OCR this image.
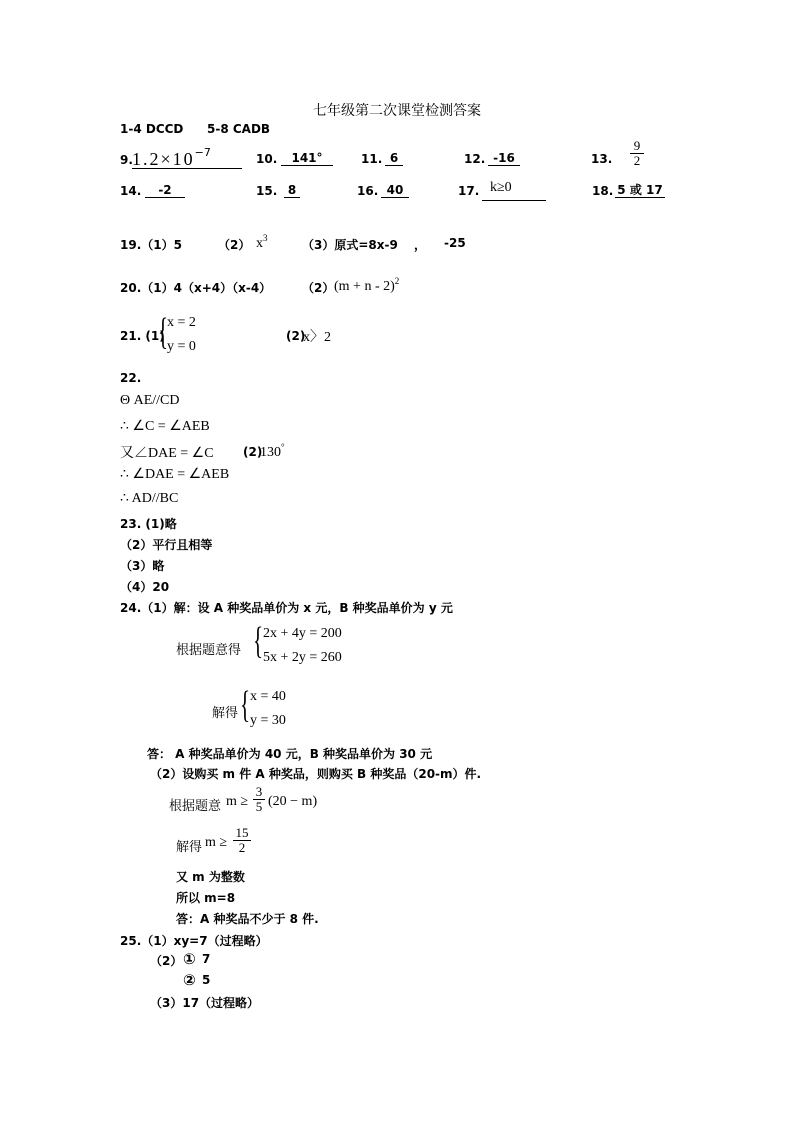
七年级第二次课堂检测答案
1-4 DCCD 5-8 CADB
9. $1.2\times 10^{-7}$	10.	141°	11. 6	12. -16	13. $\frac{9}{2}$
14.	-2	15. 8	16. 40	17. k≥0	18. 5 或 17
19.（1）5	（2） $x^3$	（3）原式=8x-9 　， -25
20.（1）4（x+4）（x-4）	（2） $(m + n - 2)^2$
21. (1)
{
x = 2
y = 0
(2)
x〉2
22.
Θ AE//CD
∴ ∠C = ∠AEB
又∠DAE = ∠C
∴ ∠DAE = ∠AEB
∴ AD//BC
(2)
130°
23. (1)略
（2）平行且相等
（3）略
（4）20
24.（1）解：设 A 种奖品单价为 x 元，B 种奖品单价为 y 元
根据题意得 { 2x + 4y = 200
5x + 2y = 260
解得 { x = 40
y = 30
答： A 种奖品单价为 40 元，B 种奖品单价为 30 元
（2）设购买 m 件 A 种奖品，则购买 B 种奖品（20-m）件.
根据题意 $m \ge \frac{3}{5} (20 - m)$
解得 $m \ge \frac{15}{2}$
又 m 为整数
所以 m=8
答：A 种奖品不少于 8 件.
25.（1）xy=7（过程略）
（2） ① 7
② 5
（3）17（过程略）
